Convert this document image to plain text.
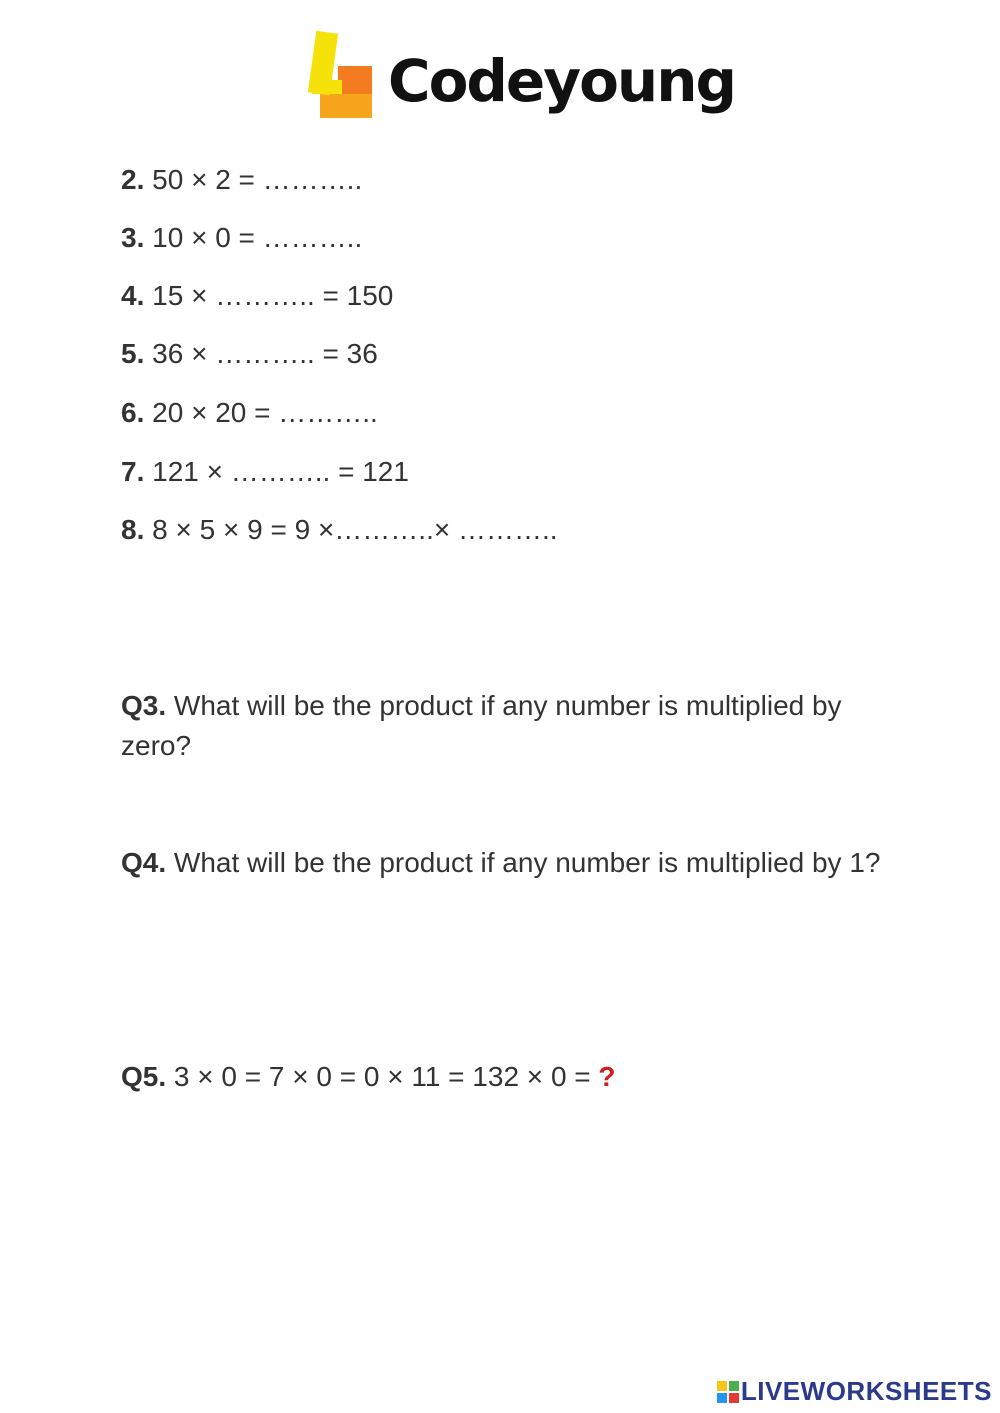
Codeyoung
2. 50 × 2 = ………..
3. 10 × 0 = ………..
4. 15 × ……….. = 150
5. 36 × ……….. = 36
6. 20 × 20 = ………..
7. 121 × ……….. = 121
8. 8 × 5 × 9 = 9 ×………..× ………..
Q3. What will be the product if any number is multiplied by zero?
Q4. What will be the product if any number is multiplied by 1?
Q5. 3 × 0 = 7 × 0 = 0 × 11 = 132 × 0 = ?
LIVEWORKSHEETS
